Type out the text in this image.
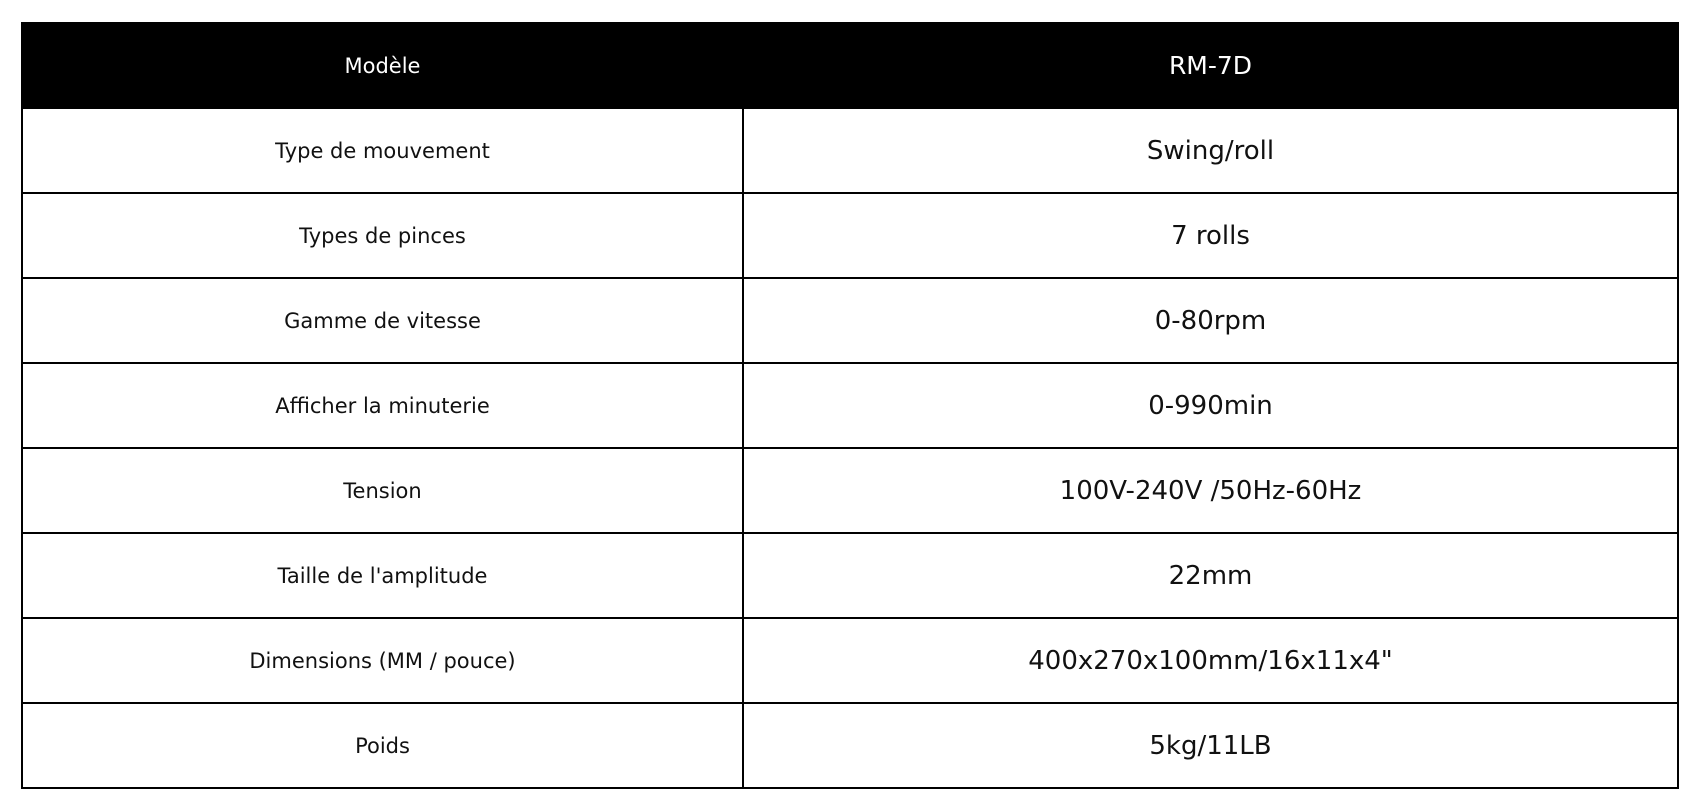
Modèle	RM-7D
Type de mouvement	Swing/roll
Types de pinces	7 rolls
Gamme de vitesse	0-80rpm
Afficher la minuterie	0-990min
Tension	100V-240V /50Hz-60Hz
Taille de l'amplitude	22mm
Dimensions (MM / pouce)	400x270x100mm/16x11x4"
Poids	5kg/11LB
